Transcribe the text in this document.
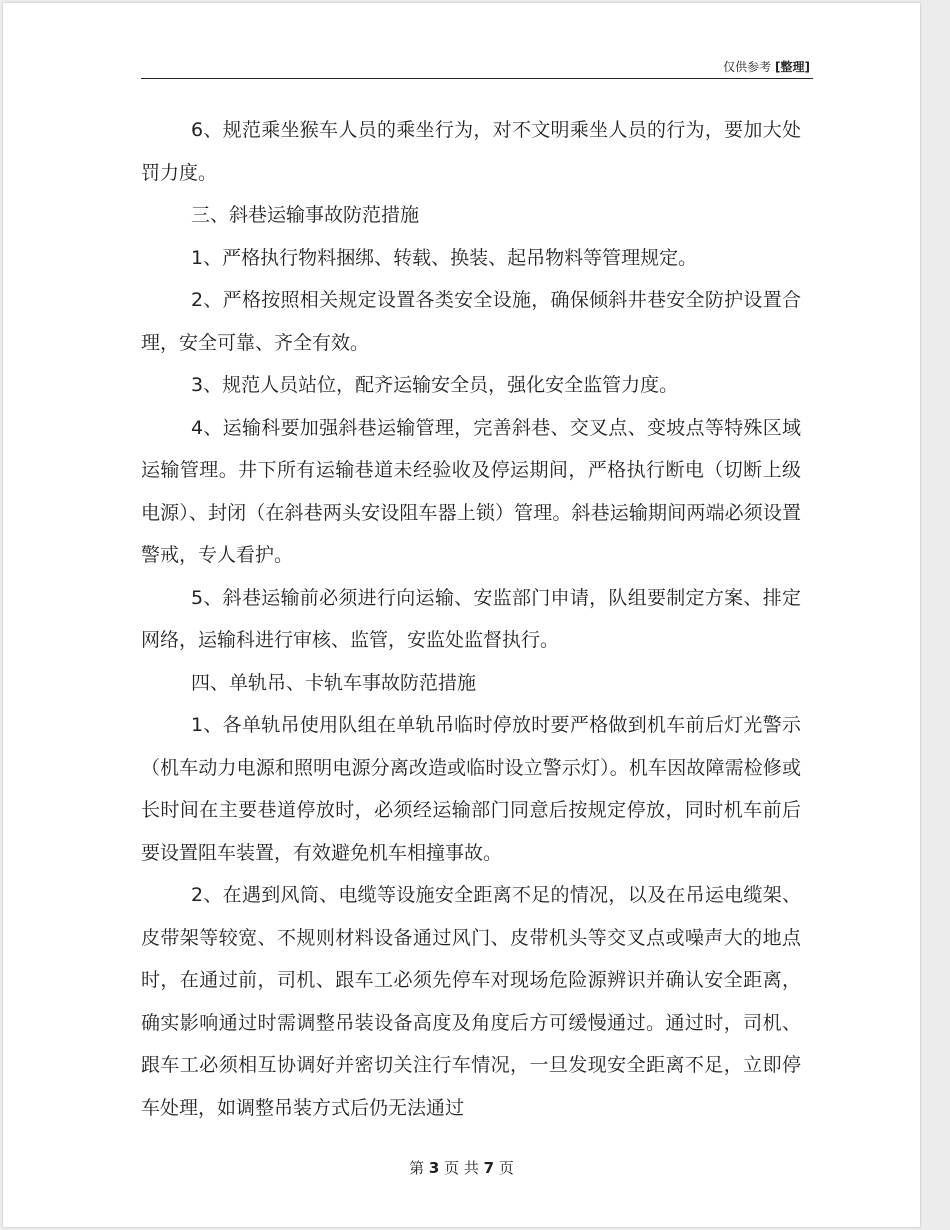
仅供参考 [整理]

6、规范乘坐猴车人员的乘坐行为，对不文明乘坐人员的行为，要加大处罚力度。

三、斜巷运输事故防范措施

1、严格执行物料捆绑、转载、换装、起吊物料等管理规定。

2、严格按照相关规定设置各类安全设施，确保倾斜井巷安全防护设置合理，安全可靠、齐全有效。

3、规范人员站位，配齐运输安全员，强化安全监管力度。

4、运输科要加强斜巷运输管理，完善斜巷、交叉点、变坡点等特殊区域运输管理。井下所有运输巷道未经验收及停运期间，严格执行断电（切断上级电源）、封闭（在斜巷两头安设阻车器上锁）管理。斜巷运输期间两端必须设置警戒，专人看护。

5、斜巷运输前必须进行向运输、安监部门申请，队组要制定方案、排定网络，运输科进行审核、监管，安监处监督执行。

四、单轨吊、卡轨车事故防范措施

1、各单轨吊使用队组在单轨吊临时停放时要严格做到机车前后灯光警示（机车动力电源和照明电源分离改造或临时设立警示灯）。机车因故障需检修或长时间在主要巷道停放时，必须经运输部门同意后按规定停放，同时机车前后要设置阻车装置，有效避免机车相撞事故。

2、在遇到风筒、电缆等设施安全距离不足的情况，以及在吊运电缆架、皮带架等较宽、不规则材料设备通过风门、皮带机头等交叉点或噪声大的地点时，在通过前，司机、跟车工必须先停车对现场危险源辨识并确认安全距离，确实影响通过时需调整吊装设备高度及角度后方可缓慢通过。通过时，司机、跟车工必须相互协调好并密切关注行车情况，一旦发现安全距离不足，立即停车处理，如调整吊装方式后仍无法通过

第 3 页 共 7 页
